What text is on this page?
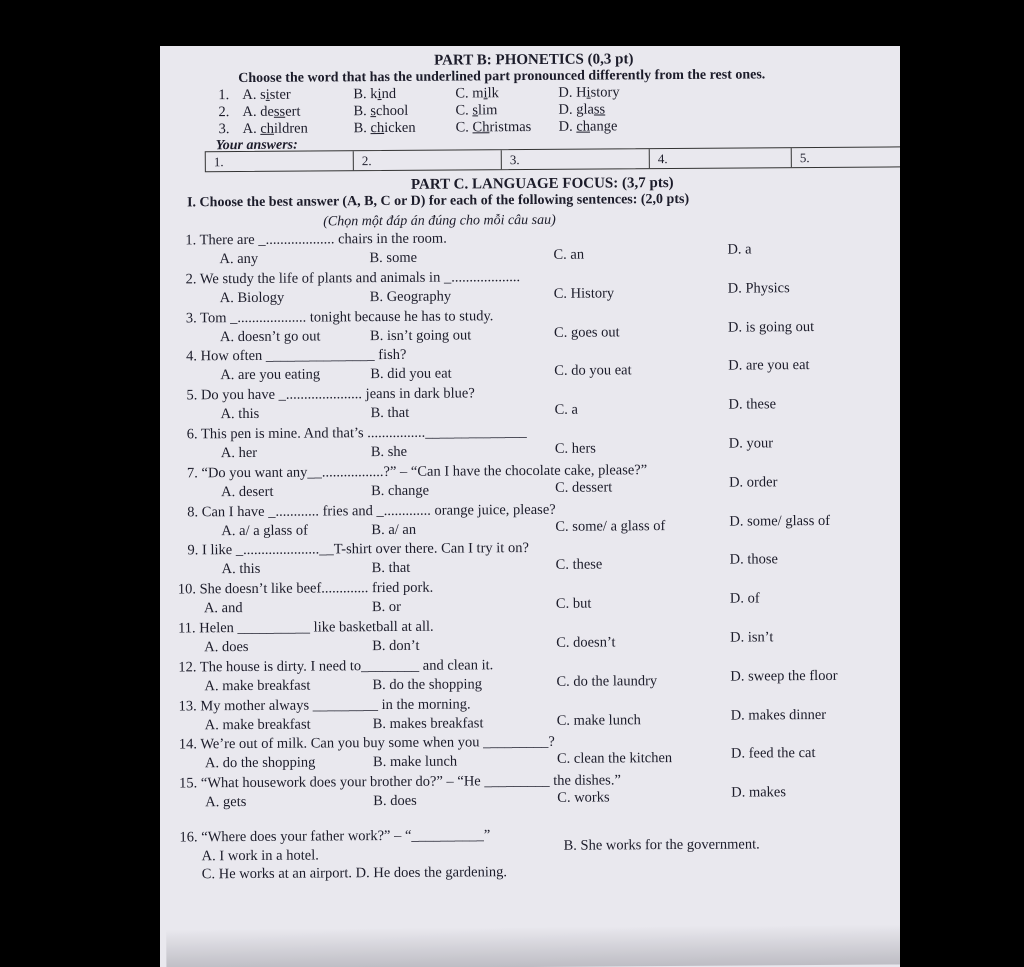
PART B: PHONETICS (0,3 pt)
Choose the word that has the underlined part pronounced differently from the rest ones.
1. A. sister	B. kind	C. milk	D. History
2. A. dessert	B. school	C. slim	D. glass
3. A. children	B. chicken	C. Christmas D. change
Your answers:
1.	2.	3.	4.	5.
PART C. LANGUAGE FOCUS: (3,7 pts)
I. Choose the best answer (A, B, C or D) for each of the following sentences: (2,0 pts)
(Chọn một đáp án đúng cho mỗi câu sau)
1. There are _................... chairs in the room.
A. any	B. some	C. an	D. a
2. We study the life of plants and animals in _...................
A. Biology	B. Geography	C. History	D. Physics
3. Tom _................... tonight because he has to study.
A. doesn’t go out	B. isn’t going out	C. goes out	D. is going out
4. How often _______________ fish?
A. are you eating	B. did you eat	C. do you eat	D. are you eat
5. Do you have _..................... jeans in dark blue?
A. this	B. that	C. a	D. these
6. This pen is mine. And that’s ................______________
A. her	B. she	C. hers	D. your
7. “Do you want any__.................?” – “Can I have the chocolate cake, please?”
A. desert	B. change	C. dessert	D. order
8. Can I have _............ fries and _............. orange juice, please?
A. a/ a glass of	B. a/ an	C. some/ a glass of	D. some/ glass of
9. I like _.....................__T-shirt over there. Can I try it on?
A. this	B. that	C. these	D. those
10. She doesn’t like beef............. fried pork.
A. and	B. or	C. but	D. of
11. Helen __________ like basketball at all.
A. does	B. don’t	C. doesn’t	D. isn’t
12. The house is dirty. I need to________ and clean it.
A. make breakfast	B. do the shopping	C. do the laundry	D. sweep the floor
13. My mother always _________ in the morning.
A. make breakfast	B. makes breakfast	C. make lunch	D. makes dinner
14. We’re out of milk. Can you buy some when you _________?
A. do the shopping	B. make lunch	C. clean the kitchen	D. feed the cat
15. “What housework does your brother do?” – “He _________ the dishes.”
A. gets	B. does	C. works	D. makes
16. “Where does your father work?” – “__________”
A. I work in a hotel.
B. She works for the government.
C. He works at an airport. D. He does the gardening.
